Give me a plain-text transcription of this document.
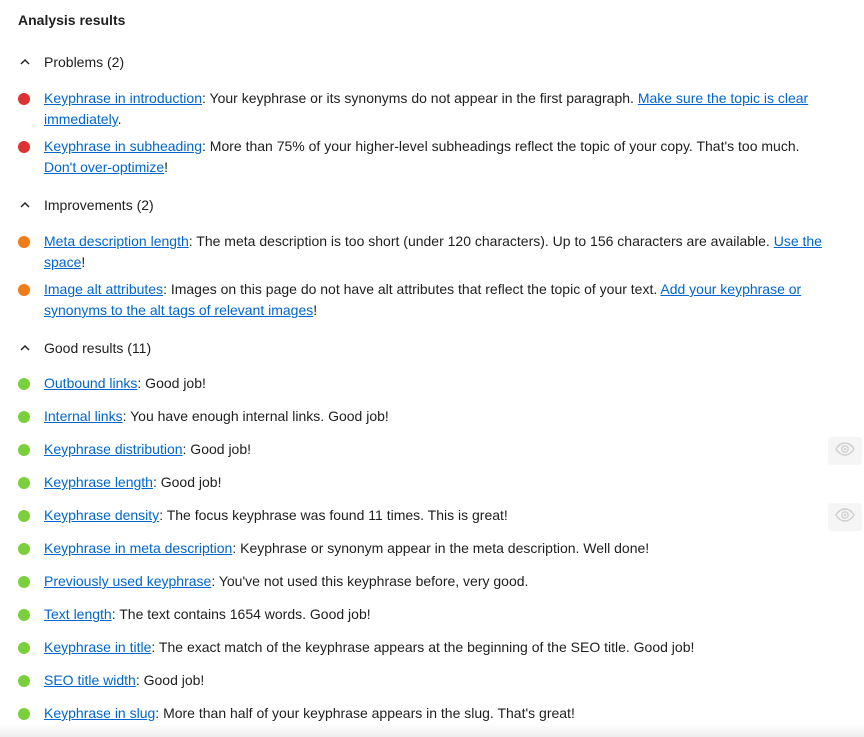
Analysis results
Problems (2)
Keyphrase in introduction: Your keyphrase or its synonyms do not appear in the first paragraph. Make sure the topic is clear immediately.
Keyphrase in subheading: More than 75% of your higher-level subheadings reflect the topic of your copy. That's too much. Don't over-optimize!
Improvements (2)
Meta description length: The meta description is too short (under 120 characters). Up to 156 characters are available. Use the space!
Image alt attributes: Images on this page do not have alt attributes that reflect the topic of your text. Add your keyphrase or synonyms to the alt tags of relevant images!
Good results (11)
Outbound links: Good job!
Internal links: You have enough internal links. Good job!
Keyphrase distribution: Good job!
Keyphrase length: Good job!
Keyphrase density: The focus keyphrase was found 11 times. This is great!
Keyphrase in meta description: Keyphrase or synonym appear in the meta description. Well done!
Previously used keyphrase: You've not used this keyphrase before, very good.
Text length: The text contains 1654 words. Good job!
Keyphrase in title: The exact match of the keyphrase appears at the beginning of the SEO title. Good job!
SEO title width: Good job!
Keyphrase in slug: More than half of your keyphrase appears in the slug. That's great!
